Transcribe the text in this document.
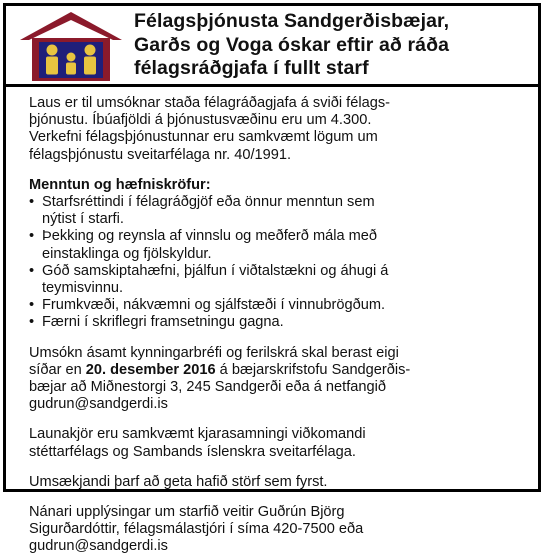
Félagsþjónusta Sandgerðisbæjar,
Garðs og Voga óskar eftir að ráða
félagsráðgjafa í fullt starf

Laus er til umsóknar staða félagráðagjafa á sviði félags-
þjónustu. Íbúafjöldi á þjónustusvæðinu eru um 4.300.
Verkefni félagsþjónustunnar eru samkvæmt lögum um
félagsþjónustu sveitarfélaga nr. 40/1991.

Menntun og hæfniskröfur:
• Starfsréttindi í félagráðgjöf eða önnur menntun sem
nýtist í starfi.
• Þekking og reynsla af vinnslu og meðferð mála með
einstaklinga og fjölskyldur.
• Góð samskiptahæfni, þjálfun í viðtalstækni og áhugi á
teymisvinnu.
• Frumkvæði, nákvæmni og sjálfstæði í vinnubrögðum.
• Færni í skriflegri framsetningu gagna.

Umsókn ásamt kynningarbréfi og ferilskrá skal berast eigi
síðar en 20. desember 2016 á bæjarskrifstofu Sandgerðis-
bæjar að Miðnestorgi 3, 245 Sandgerði eða á netfangið
gudrun@sandgerdi.is

Launakjör eru samkvæmt kjarasamningi viðkomandi
stéttarfélags og Sambands íslenskra sveitarfélaga.

Umsækjandi þarf að geta hafið störf sem fyrst.

Nánari upplýsingar um starfið veitir Guðrún Björg
Sigurðardóttir, félagsmálastjóri í síma 420-7500 eða
gudrun@sandgerdi.is
